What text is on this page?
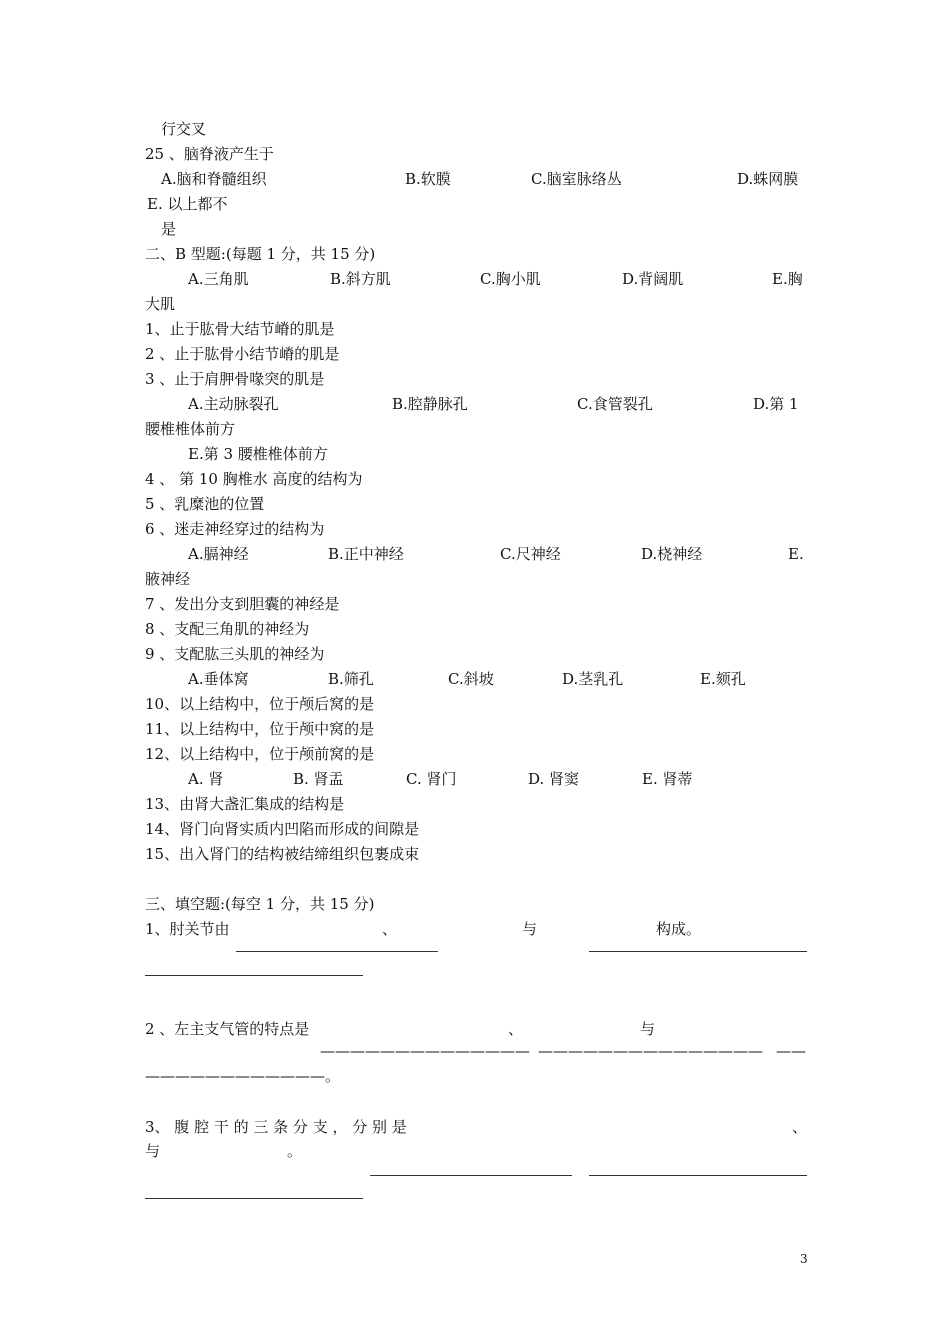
行交叉
25 、脑脊液产生于
A.脑和脊髓组织	B.软膜	C.脑室脉络丛	D.蛛网膜
E. 以上都不
是
二、B 型题:(每题 1 分，共 15 分)
A.三角肌	B.斜方肌	C.胸小肌	D.背阔肌	E.胸
大肌
1、止于肱骨大结节嵴的肌是
2 、止于肱骨小结节嵴的肌是
3 、止于肩胛骨喙突的肌是
A.主动脉裂孔	B.腔静脉孔	C.食管裂孔	D.第 1
腰椎椎体前方
E.第 3 腰椎椎体前方
4 、 第 10 胸椎水 高度的结构为
5 、乳糜池的位置
6 、迷走神经穿过的结构为
A.膈神经	B.正中神经	C.尺神经	D.桡神经	E.
腋神经
7 、发出分支到胆囊的神经是
8 、支配三角肌的神经为
9 、支配肱三头肌的神经为
A.垂体窝	B.筛孔	C.斜坡	D.茎乳孔	E.颏孔
10、以上结构中，位于颅后窝的是
11、以上结构中，位于颅中窝的是
12、以上结构中，位于颅前窝的是
A. 肾	B. 肾盂	C. 肾门	D. 肾窦	E. 肾蒂
13、由肾大盏汇集成的结构是
14、肾门向肾实质内凹陷而形成的间隙是
15、出入肾门的结构被结缔组织包裹成束
三、填空题:(每空 1 分，共 15 分)
1、肘关节由	、	与	构成。
2 、左主支气管的特点是	、	与
—————————————— ——————————————— ——
————————————。
3、 腹 腔 干 的 三 条 分 支 ， 分 别 是	、
与	。
3
